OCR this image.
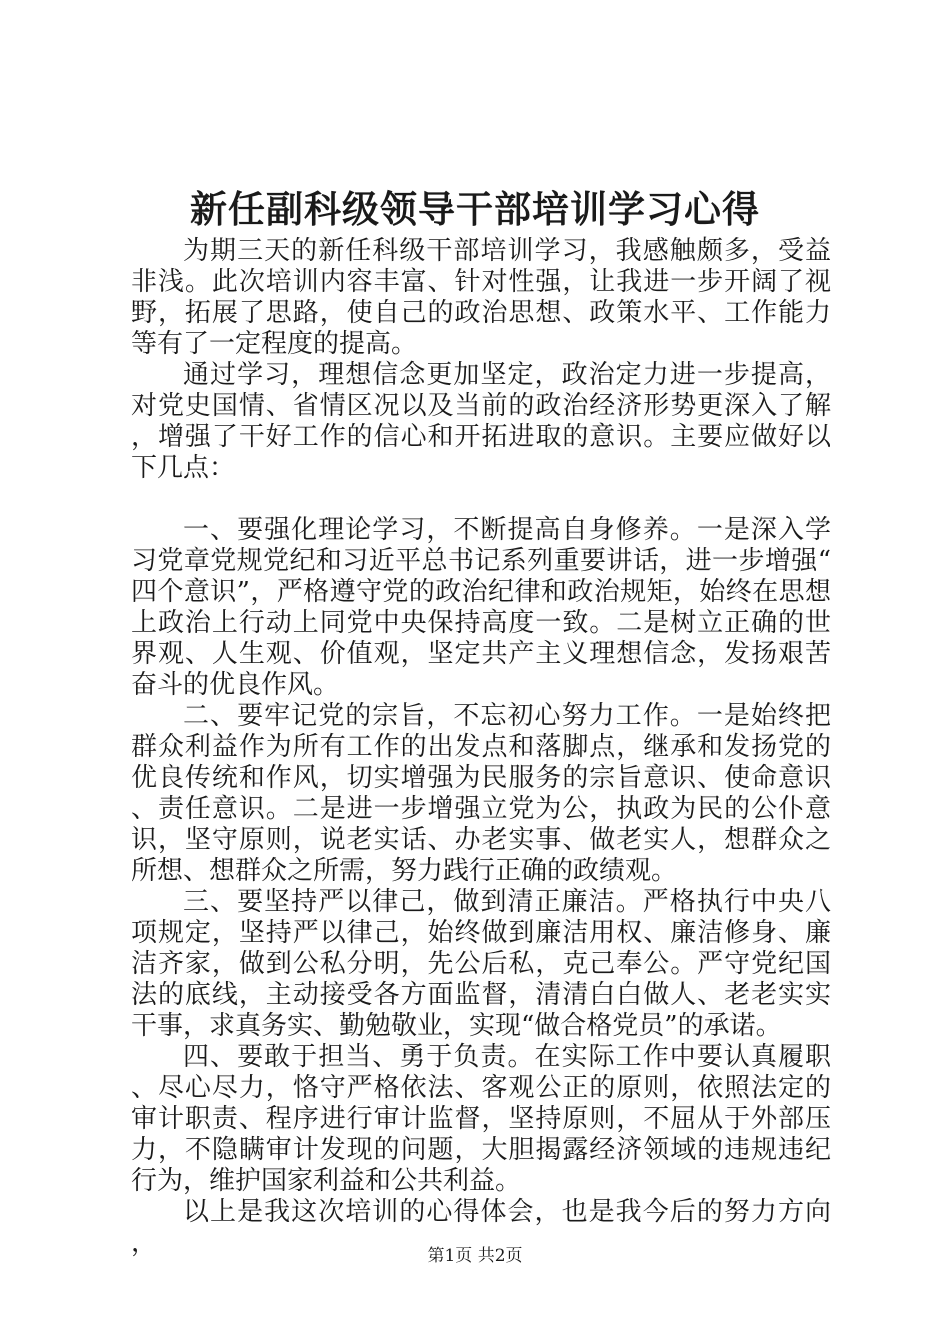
新任副科级领导干部培训学习心得

为期三天的新任科级干部培训学习，我感触颇多，受益非浅。此次培训内容丰富、针对性强，让我进一步开阔了视野，拓展了思路，使自己的政治思想、政策水平、工作能力等有了一定程度的提高。

通过学习，理想信念更加坚定，政治定力进一步提高，对党史国情、省情区况以及当前的政治经济形势更深入了解，增强了干好工作的信心和开拓进取的意识。主要应做好以下几点：

一、要强化理论学习，不断提高自身修养。一是深入学习党章党规党纪和习近平总书记系列重要讲话，进一步增强“四个意识”，严格遵守党的政治纪律和政治规矩，始终在思想上政治上行动上同党中央保持高度一致。二是树立正确的世界观、人生观、价值观，坚定共产主义理想信念，发扬艰苦奋斗的优良作风。

二、要牢记党的宗旨，不忘初心努力工作。一是始终把群众利益作为所有工作的出发点和落脚点，继承和发扬党的优良传统和作风，切实增强为民服务的宗旨意识、使命意识、责任意识。二是进一步增强立党为公，执政为民的公仆意识，坚守原则，说老实话、办老实事、做老实人，想群众之所想、想群众之所需，努力践行正确的政绩观。

三、要坚持严以律己，做到清正廉洁。严格执行中央八项规定，坚持严以律己，始终做到廉洁用权、廉洁修身、廉洁齐家，做到公私分明，先公后私，克己奉公。严守党纪国法的底线，主动接受各方面监督，清清白白做人、老老实实干事，求真务实、勤勉敬业，实现“做合格党员”的承诺。

四、要敢于担当、勇于负责。在实际工作中要认真履职、尽心尽力，恪守严格依法、客观公正的原则，依照法定的审计职责、程序进行审计监督，坚持原则，不屈从于外部压力，不隐瞒审计发现的问题，大胆揭露经济领域的违规违纪行为，维护国家利益和公共利益。

以上是我这次培训的心得体会，也是我今后的努力方向，	第1页 共2页
